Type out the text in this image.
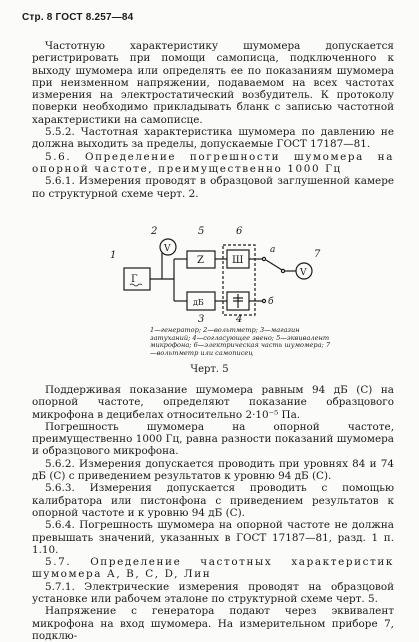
Стр. 8 ГОСТ 8.257—84

Частотную характеристику шумомера допускается регистрировать при помощи самописца, подключенного к выходу шумомера или определять ее по показаниям шумомера при неизменном напряжении, подаваемом на всех частотах измерения на электростатический возбудитель. К протоколу поверки необходимо прикладывать бланк с записью частотной характеристики на самописце.

5.5.2. Частотная характеристика шумомера по давлению не должна выходить за пределы, допускаемые ГОСТ 17187—81.

5.6. Определение погрешности шумомера на опорной частоте, преимущественно 1000 Гц

5.6.1. Измерения проводят в образцовой заглушенной камере по структурной схеме черт. 2.

1
Г
2
V
5
Z
дБ
3
6
Ш
4
а
б
7
V
1—генератор; 2—вольтметр; 3—магазин затуханий; 4—согласующее звено; 5—эквивалент микрофона; 6—электрическая часть шумомера; 7—вольтметр или самописец
Черт. 5

Поддерживая показание шумомера равным 94 дБ (С) на опорной частоте, определяют показание образцового микрофона в децибелах относительно 2·10⁻⁵ Па.

Погрешность шумомера на опорной частоте, преимущественно 1000 Гц, равна разности показаний шумомера и образцового микрофона.

5.6.2. Измерения допускается проводить при уровнях 84 и 74 дБ (С) с приведением результатов к уровню 94 дБ (С).

5.6.3. Измерения допускается проводить с помощью калибратора или пистонфона с приведением результатов к опорной частоте и к уровню 94 дБ (С).

5.6.4. Погрешность шумомера на опорной частоте не должна превышать значений, указанных в ГОСТ 17187—81, разд. 1 п. 1.10.

5.7. Определение частотных характеристик шумомера А, В, С, D, Лин

5.7.1. Электрические измерения проводят на образцовой установке или рабочем эталоне по структурной схеме черт. 5.

Напряжение с генератора подают через эквивалент микрофона на вход шумомера. На измерительном приборе 7, подклю-
